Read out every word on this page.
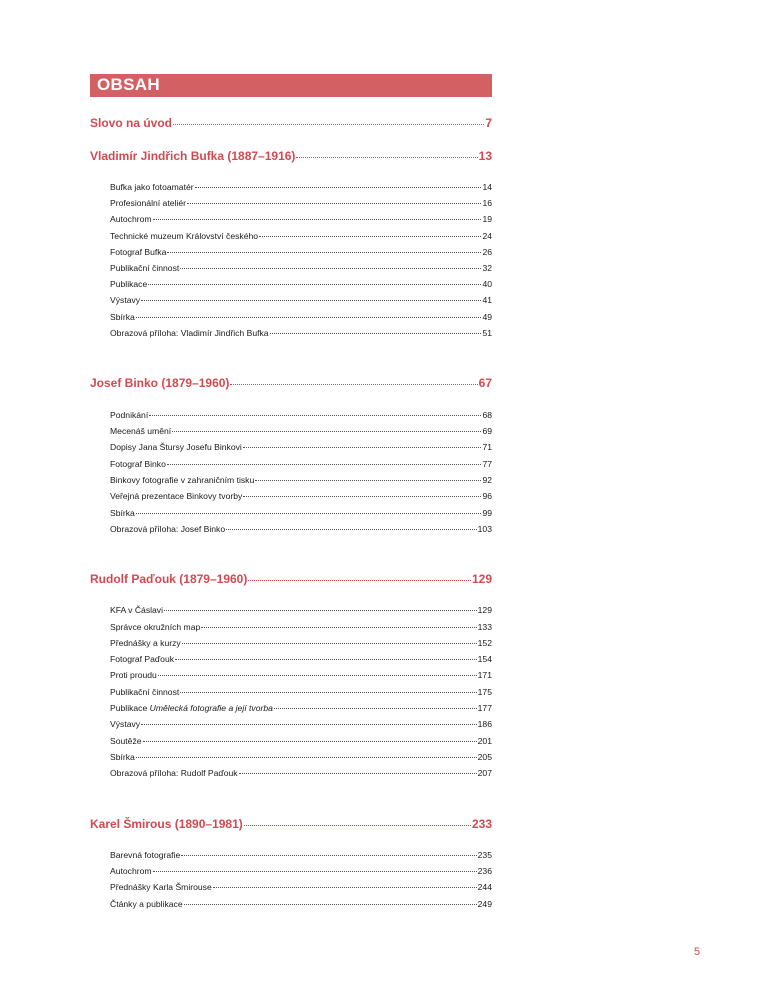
OBSAH
Slovo na úvod	7
Vladimír Jindřich Bufka (1887–1916)	13
Bufka jako fotoamatér	14
Profesionální ateliér	16
Autochrom	19
Technické muzeum Království českého	24
Fotograf Bufka	26
Publikační činnost	32
Publikace	40
Výstavy	41
Sbírka	49
Obrazová příloha: Vladimír Jindřich Bufka	51
Josef Binko (1879–1960)	67
Podnikání	68
Mecenáš umění	69
Dopisy Jana Štursy Josefu Binkovi	71
Fotograf Binko	77
Binkovy fotografie v zahraničním tisku	92
Veřejná prezentace Binkovy tvorby	96
Sbírka	99
Obrazová příloha: Josef Binko	103
Rudolf Paďouk (1879–1960)	129
KFA v Čáslavi	129
Správce okružních map	133
Přednášky a kurzy	152
Fotograf Paďouk	154
Proti proudu	171
Publikační činnost	175
Publikace Umělecká fotografie a její tvorba	177
Výstavy	186
Soutěže	201
Sbírka	205
Obrazová příloha: Rudolf Paďouk	207
Karel Šmirous (1890–1981)	233
Barevná fotografie	235
Autochrom	236
Přednášky Karla Šmirouse	244
Čtánky a publikace	249
5
